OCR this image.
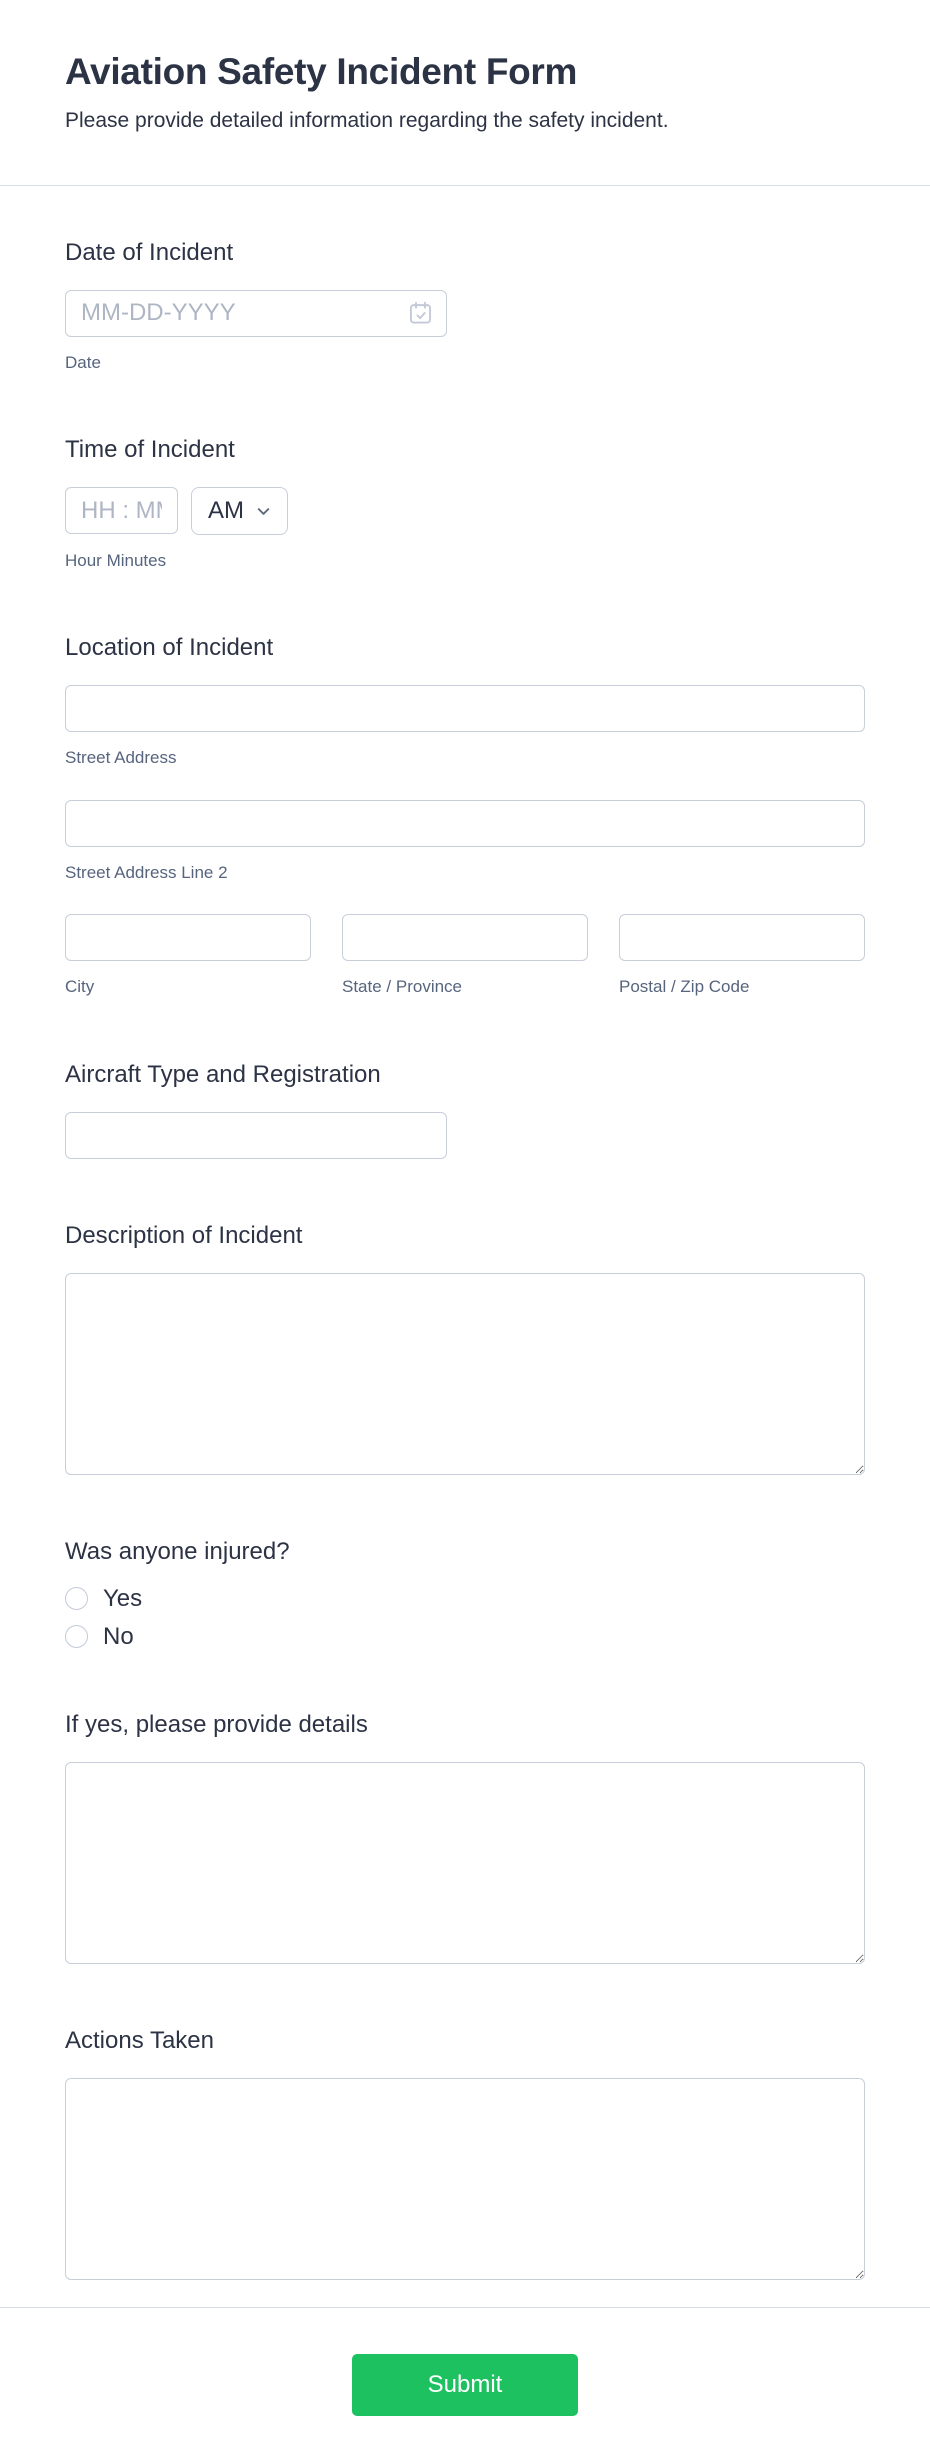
Aviation Safety Incident Form
Please provide detailed information regarding the safety incident.
Date of Incident
MM-DD-YYYY
Date
Time of Incident
HH : MM
AM
Hour Minutes
Location of Incident
Street Address
Street Address Line 2
City	State / Province	Postal / Zip Code
Aircraft Type and Registration
Description of Incident
Was anyone injured?
Yes
No
If yes, please provide details
Actions Taken
Submit
